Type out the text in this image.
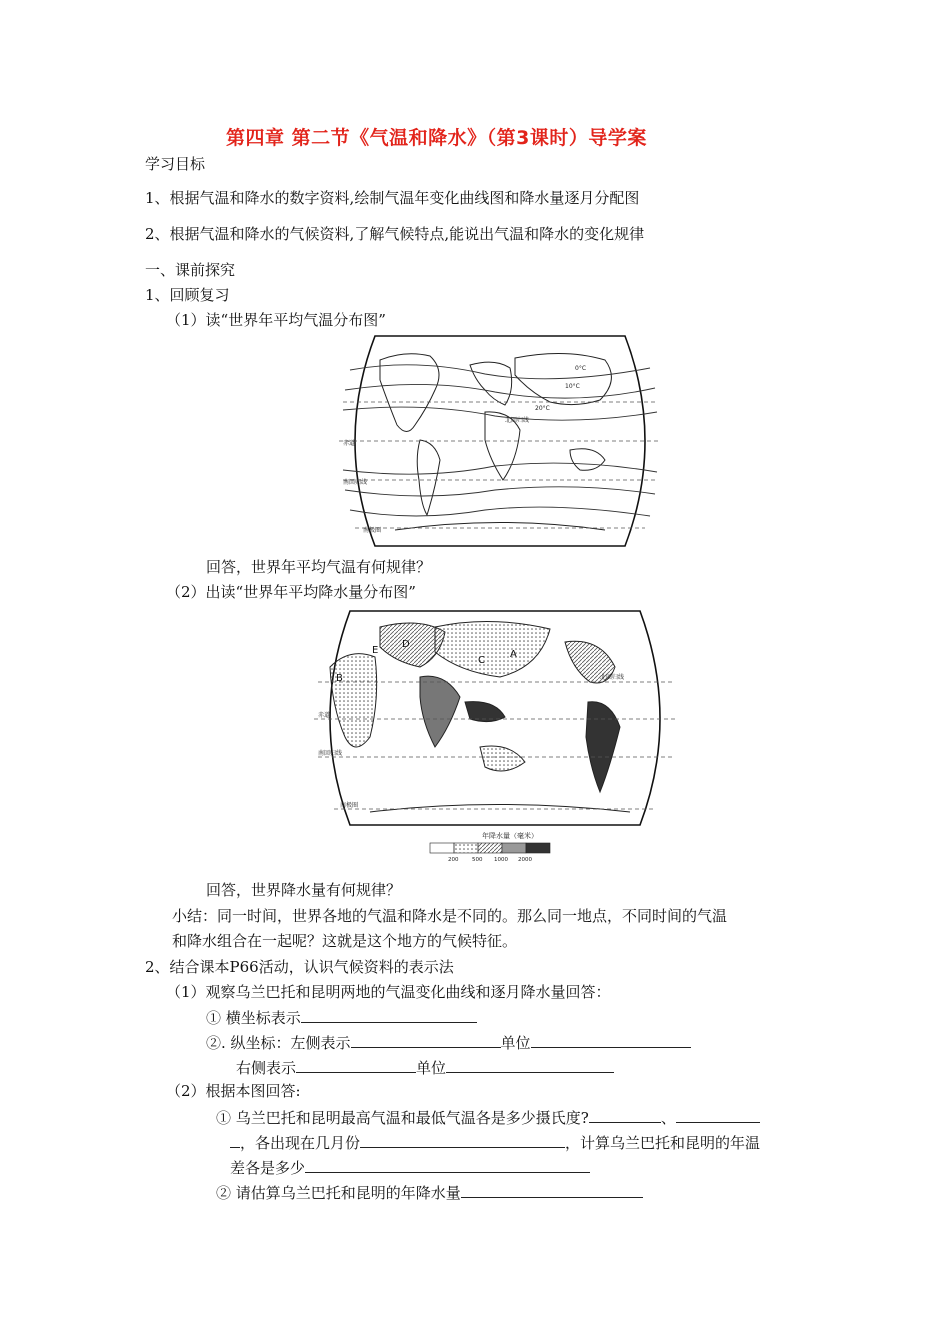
第四章 第二节《气温和降水》（第3课时）导学案
学习目标
1、根据气温和降水的数字资料,绘制气温年变化曲线图和降水量逐月分配图
2、根据气温和降水的气候资料,了解气候特点,能说出气温和降水的变化规律
一、课前探究
1、回顾复习
（1）读“世界年平均气温分布图”
20°C
10°C
0°C
北回归线
赤道
南回归线
南极圈
回答，世界年平均气温有何规律？
（2）出读“世界年平均降水量分布图”
北回归线
赤道
南回归线
南极圈
A
B
C
D
E
年降水量（毫米）
200 500 1000 2000
回答，世界降水量有何规律？
小结：同一时间，世界各地的气温和降水是不同的。那么同一地点，不同时间的气温
和降水组合在一起呢？这就是这个地方的气候特征。
2、结合课本P66活动，认识气候资料的表示法
（1）观察乌兰巴托和昆明两地的气温变化曲线和逐月降水量回答：
① 横坐标表示
②. 纵坐标：左侧表示	单位
右侧表示	单位
（2）根据本图回答:
① 乌兰巴托和昆明最高气温和最低气温各是多少摄氏度?	、
，各出现在几月份	，计算乌兰巴托和昆明的年温
差各是多少
② 请估算乌兰巴托和昆明的年降水量
